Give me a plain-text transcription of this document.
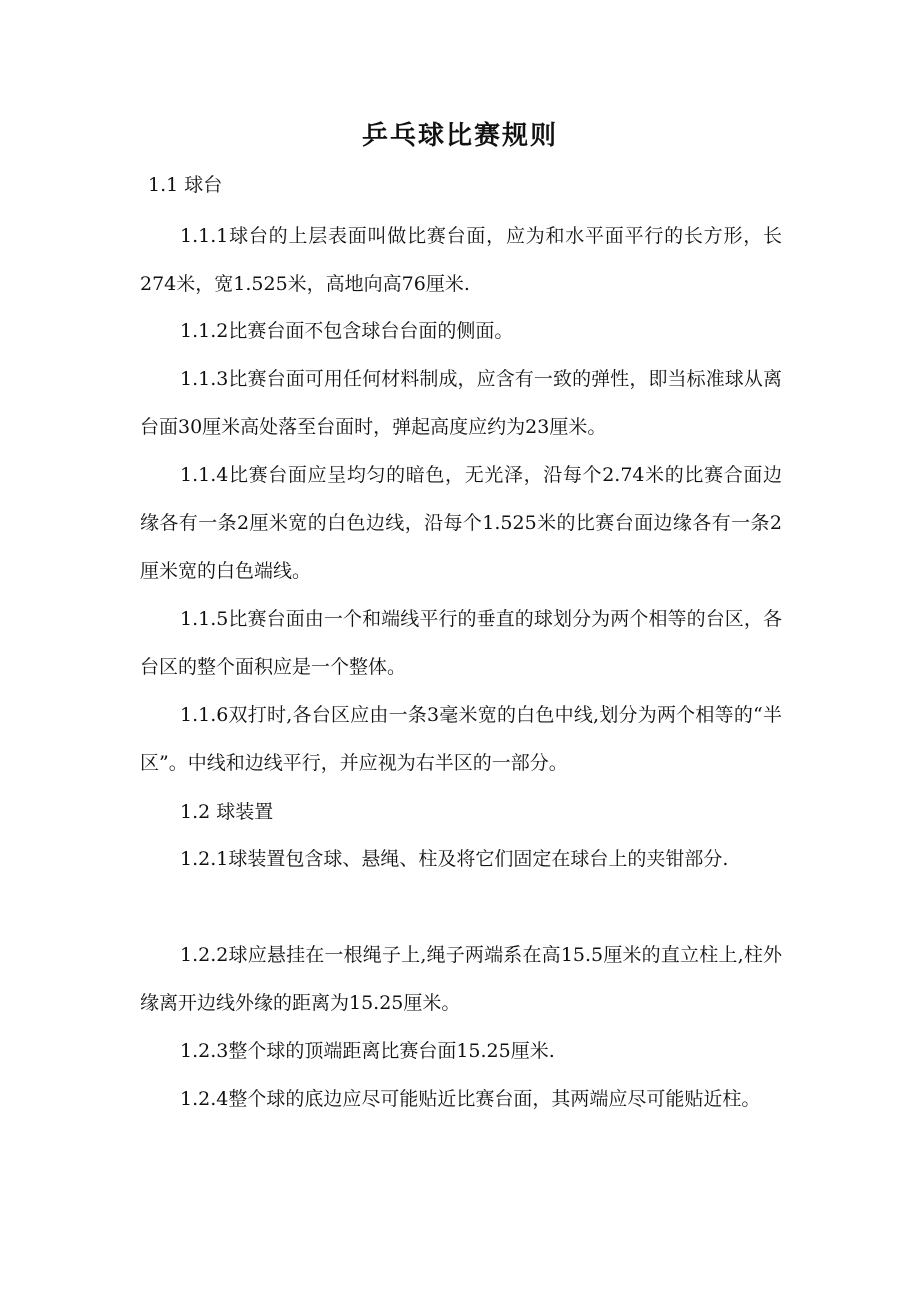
乒乓球比赛规则
1.1 球台
1.1.1球台的上层表面叫做比赛台面，应为和水平面平行的长方形，长274米，宽1.525米，高地向高76厘米.
1.1.2比赛台面不包含球台台面的侧面。
1.1.3比赛台面可用任何材料制成，应含有一致的弹性，即当标准球从离台面30厘米高处落至台面时，弹起高度应约为23厘米。
1.1.4比赛台面应呈均匀的暗色，无光泽，沿每个2.74米的比赛合面边缘各有一条2厘米宽的白色边线，沿每个1.525米的比赛台面边缘各有一条2厘米宽的白色端线。
1.1.5比赛台面由一个和端线平行的垂直的球划分为两个相等的台区，各台区的整个面积应是一个整体。
1.1.6双打时,各台区应由一条3毫米宽的白色中线,划分为两个相等的“半区”。中线和边线平行，并应视为右半区的一部分。
1.2 球装置
1.2.1球装置包含球、悬绳、柱及将它们固定在球台上的夹钳部分.
1.2.2球应悬挂在一根绳子上,绳子两端系在高15.5厘米的直立柱上,柱外缘离开边线外缘的距离为15.25厘米。
1.2.3整个球的顶端距离比赛台面15.25厘米.
1.2.4整个球的底边应尽可能贴近比赛台面，其两端应尽可能贴近柱。
